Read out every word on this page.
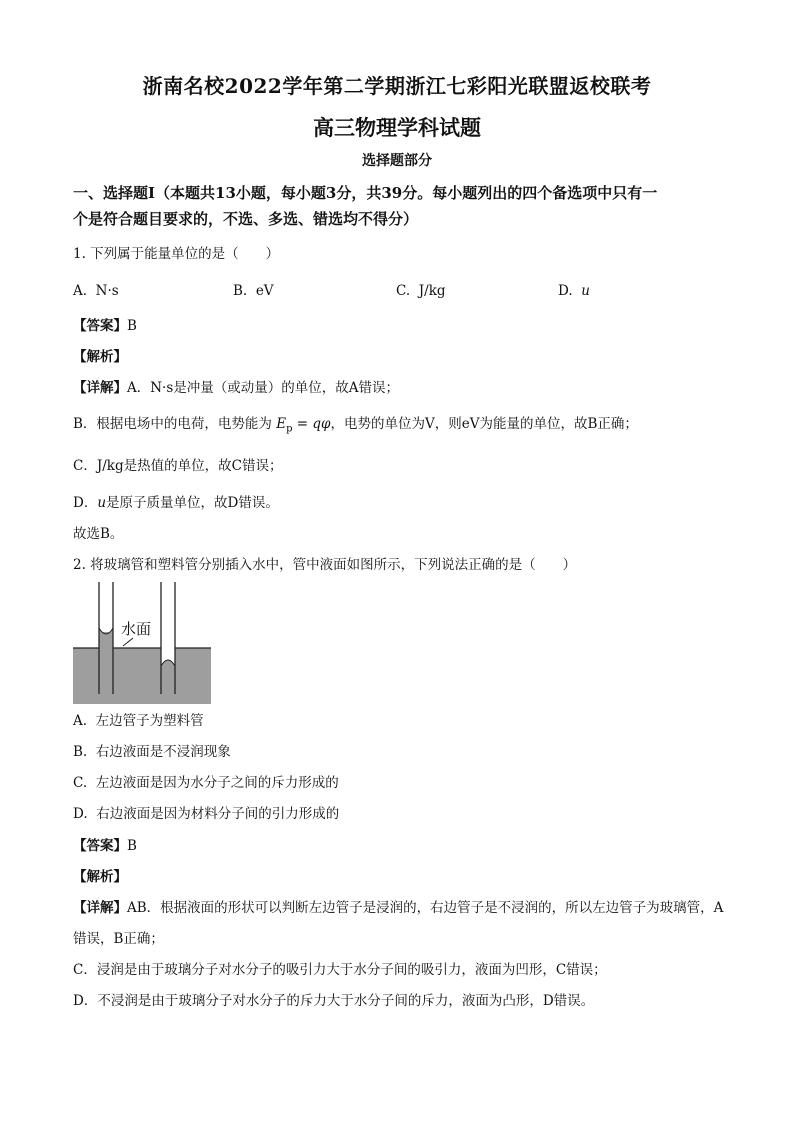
浙南名校2022学年第二学期浙江七彩阳光联盟返校联考
高三物理学科试题
选择题部分
一、选择题Ⅰ（本题共13小题，每小题3分，共39分。每小题列出的四个备选项中只有一
个是符合题目要求的，不选、多选、错选均不得分）
1. 下列属于能量单位的是（　　）
A. N·s	B. eV	C. J/kg	D. u
【答案】B
【解析】
【详解】A．N·s是冲量（或动量）的单位，故A错误；
B．根据电场中的电荷，电势能为 $E_p = q\varphi$，电势的单位为V，则eV为能量的单位，故B正确；
C．J/kg是热值的单位，故C错误；
D．u是原子质量单位，故D错误。
故选B。
2. 将玻璃管和塑料管分别插入水中，管中液面如图所示，下列说法正确的是（　　）
水面
A. 左边管子为塑料管
B. 右边液面是不浸润现象
C. 左边液面是因为水分子之间的斥力形成的
D. 右边液面是因为材料分子间的引力形成的
【答案】B
【解析】
【详解】AB．根据液面的形状可以判断左边管子是浸润的，右边管子是不浸润的，所以左边管子为玻璃管，A
错误，B正确；
C．浸润是由于玻璃分子对水分子的吸引力大于水分子间的吸引力，液面为凹形，C错误；
D．不浸润是由于玻璃分子对水分子的斥力大于水分子间的斥力，液面为凸形，D错误。
